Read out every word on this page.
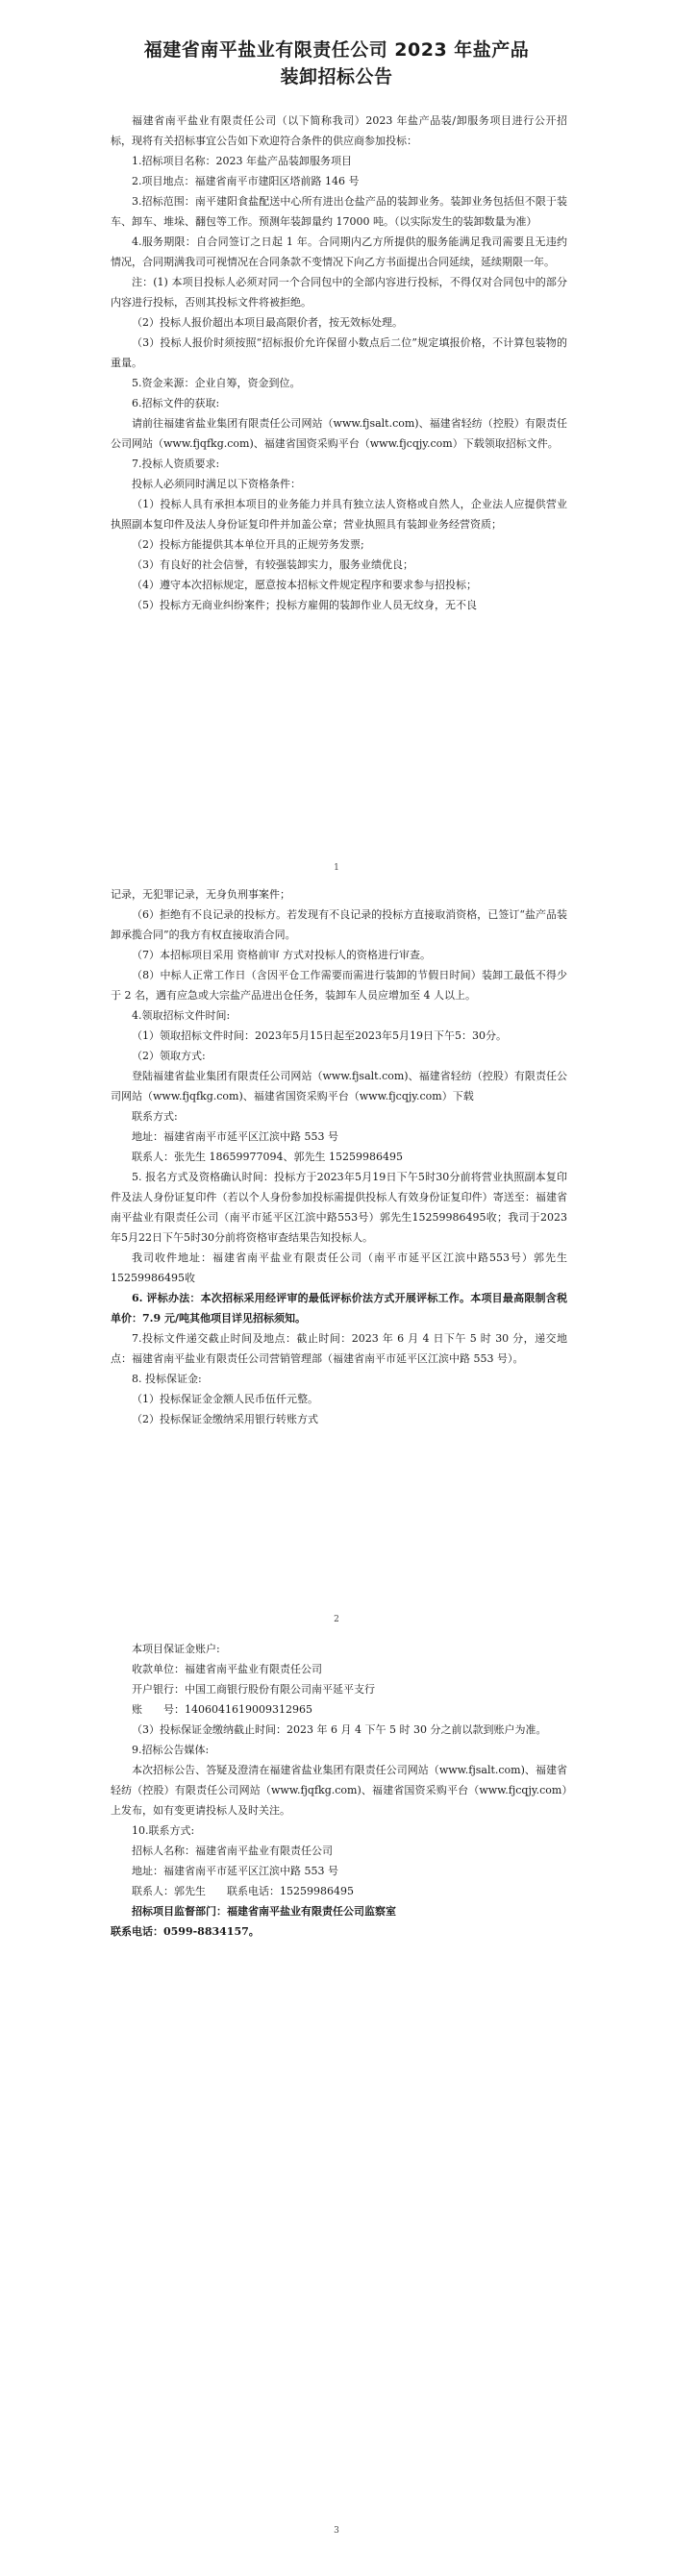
福建省南平盐业有限责任公司 2023 年盐产品
装卸招标公告

福建省南平盐业有限责任公司（以下简称我司）2023 年盐产品装/卸服务项目进行公开招标，现将有关招标事宜公告如下欢迎符合条件的供应商参加投标：

1.招标项目名称：2023 年盐产品装卸服务项目

2.项目地点：福建省南平市建阳区塔前路 146 号

3.招标范围：南平建阳食盐配送中心所有进出仓盐产品的装卸业务。装卸业务包括但不限于装车、卸车、堆垛、翻包等工作。预测年装卸量约 17000 吨。（以实际发生的装卸数量为准）

4.服务期限：自合同签订之日起 1 年。合同期内乙方所提供的服务能满足我司需要且无违约情况，合同期满我司可视情况在合同条款不变情况下向乙方书面提出合同延续，延续期限一年。

注：(1) 本项目投标人必须对同一个合同包中的全部内容进行投标，不得仅对合同包中的部分内容进行投标，否则其投标文件将被拒绝。

（2）投标人报价超出本项目最高限价者，按无效标处理。

（3）投标人报价时须按照“招标报价允许保留小数点后二位”规定填报价格，不计算包装物的重量。

5.资金来源：企业自筹，资金到位。

6.招标文件的获取:

请前往福建省盐业集团有限责任公司网站（www.fjsalt.com)、福建省轻纺（控股）有限责任公司网站（www.fjqfkg.com)、福建省国资采购平台（www.fjcqjy.com）下载领取招标文件。

7.投标人资质要求:

投标人必须同时满足以下资格条件：

（1）投标人具有承担本项目的业务能力并具有独立法人资格或自然人，企业法人应提供营业执照副本复印件及法人身份证复印件并加盖公章；营业执照具有装卸业务经营资质；

（2）投标方能提供其本单位开具的正规劳务发票;

（3）有良好的社会信誉，有较强装卸实力，服务业绩优良；

（4）遵守本次招标规定，愿意按本招标文件规定程序和要求参与招投标；

（5）投标方无商业纠纷案件；投标方雇佣的装卸作业人员无纹身，无不良

1

记录，无犯罪记录，无身负刑事案件；

（6）拒绝有不良记录的投标方。若发现有不良记录的投标方直接取消资格，已签订“盐产品装卸承揽合同”的我方有权直接取消合同。

（7）本招标项目采用 资格前审 方式对投标人的资格进行审查。

（8）中标人正常工作日（含因平仓工作需要而需进行装卸的节假日时间）装卸工最低不得少于 2 名，遇有应急或大宗盐产品进出仓任务，装卸车人员应增加至 4 人以上。

4.领取招标文件时间:

（1）领取招标文件时间：2023年5月15日起至2023年5月19日下午5：30分。

（2）领取方式:

登陆福建省盐业集团有限责任公司网站（www.fjsalt.com)、福建省轻纺（控股）有限责任公司网站（www.fjqfkg.com)、福建省国资采购平台（www.fjcqjy.com）下载

联系方式:

地址：福建省南平市延平区江滨中路 553 号

联系人：张先生 18659977094、郭先生 15259986495

5. 报名方式及资格确认时间：投标方于2023年5月19日下午5时30分前将营业执照副本复印件及法人身份证复印件（若以个人身份参加投标需提供投标人有效身份证复印件）寄送至：福建省南平盐业有限责任公司（南平市延平区江滨中路553号）郭先生15259986495收；我司于2023年5月22日下午5时30分前将资格审查结果告知投标人。

我司收件地址：福建省南平盐业有限责任公司（南平市延平区江滨中路553号）郭先生15259986495收

6. 评标办法：本次招标采用经评审的最低评标价法方式开展评标工作。本项目最高限制含税单价：7.9 元/吨其他项目详见招标须知。

7.投标文件递交截止时间及地点：截止时间：2023 年 6 月 4 日下午 5 时 30 分，递交地点：福建省南平盐业有限责任公司营销管理部（福建省南平市延平区江滨中路 553 号）。

8. 投标保证金:

（1）投标保证金金额人民币伍仟元整。

（2）投标保证金缴纳采用银行转账方式

2

本项目保证金账户:

收款单位：福建省南平盐业有限责任公司

开户银行：中国工商银行股份有限公司南平延平支行

账　　号：1406041619009312965

（3）投标保证金缴纳截止时间：2023 年 6 月 4 下午 5 时 30 分之前以款到账户为准。

9.招标公告媒体:

本次招标公告、答疑及澄清在福建省盐业集团有限责任公司网站（www.fjsalt.com)、福建省轻纺（控股）有限责任公司网站（www.fjqfkg.com)、福建省国资采购平台（www.fjcqjy.com）上发布，如有变更请投标人及时关注。

10.联系方式:

招标人名称：福建省南平盐业有限责任公司

地址：福建省南平市延平区江滨中路 553 号

联系人：郭先生　　联系电话：15259986495

招标项目监督部门：福建省南平盐业有限责任公司监察室

联系电话：0599-8834157。

3
